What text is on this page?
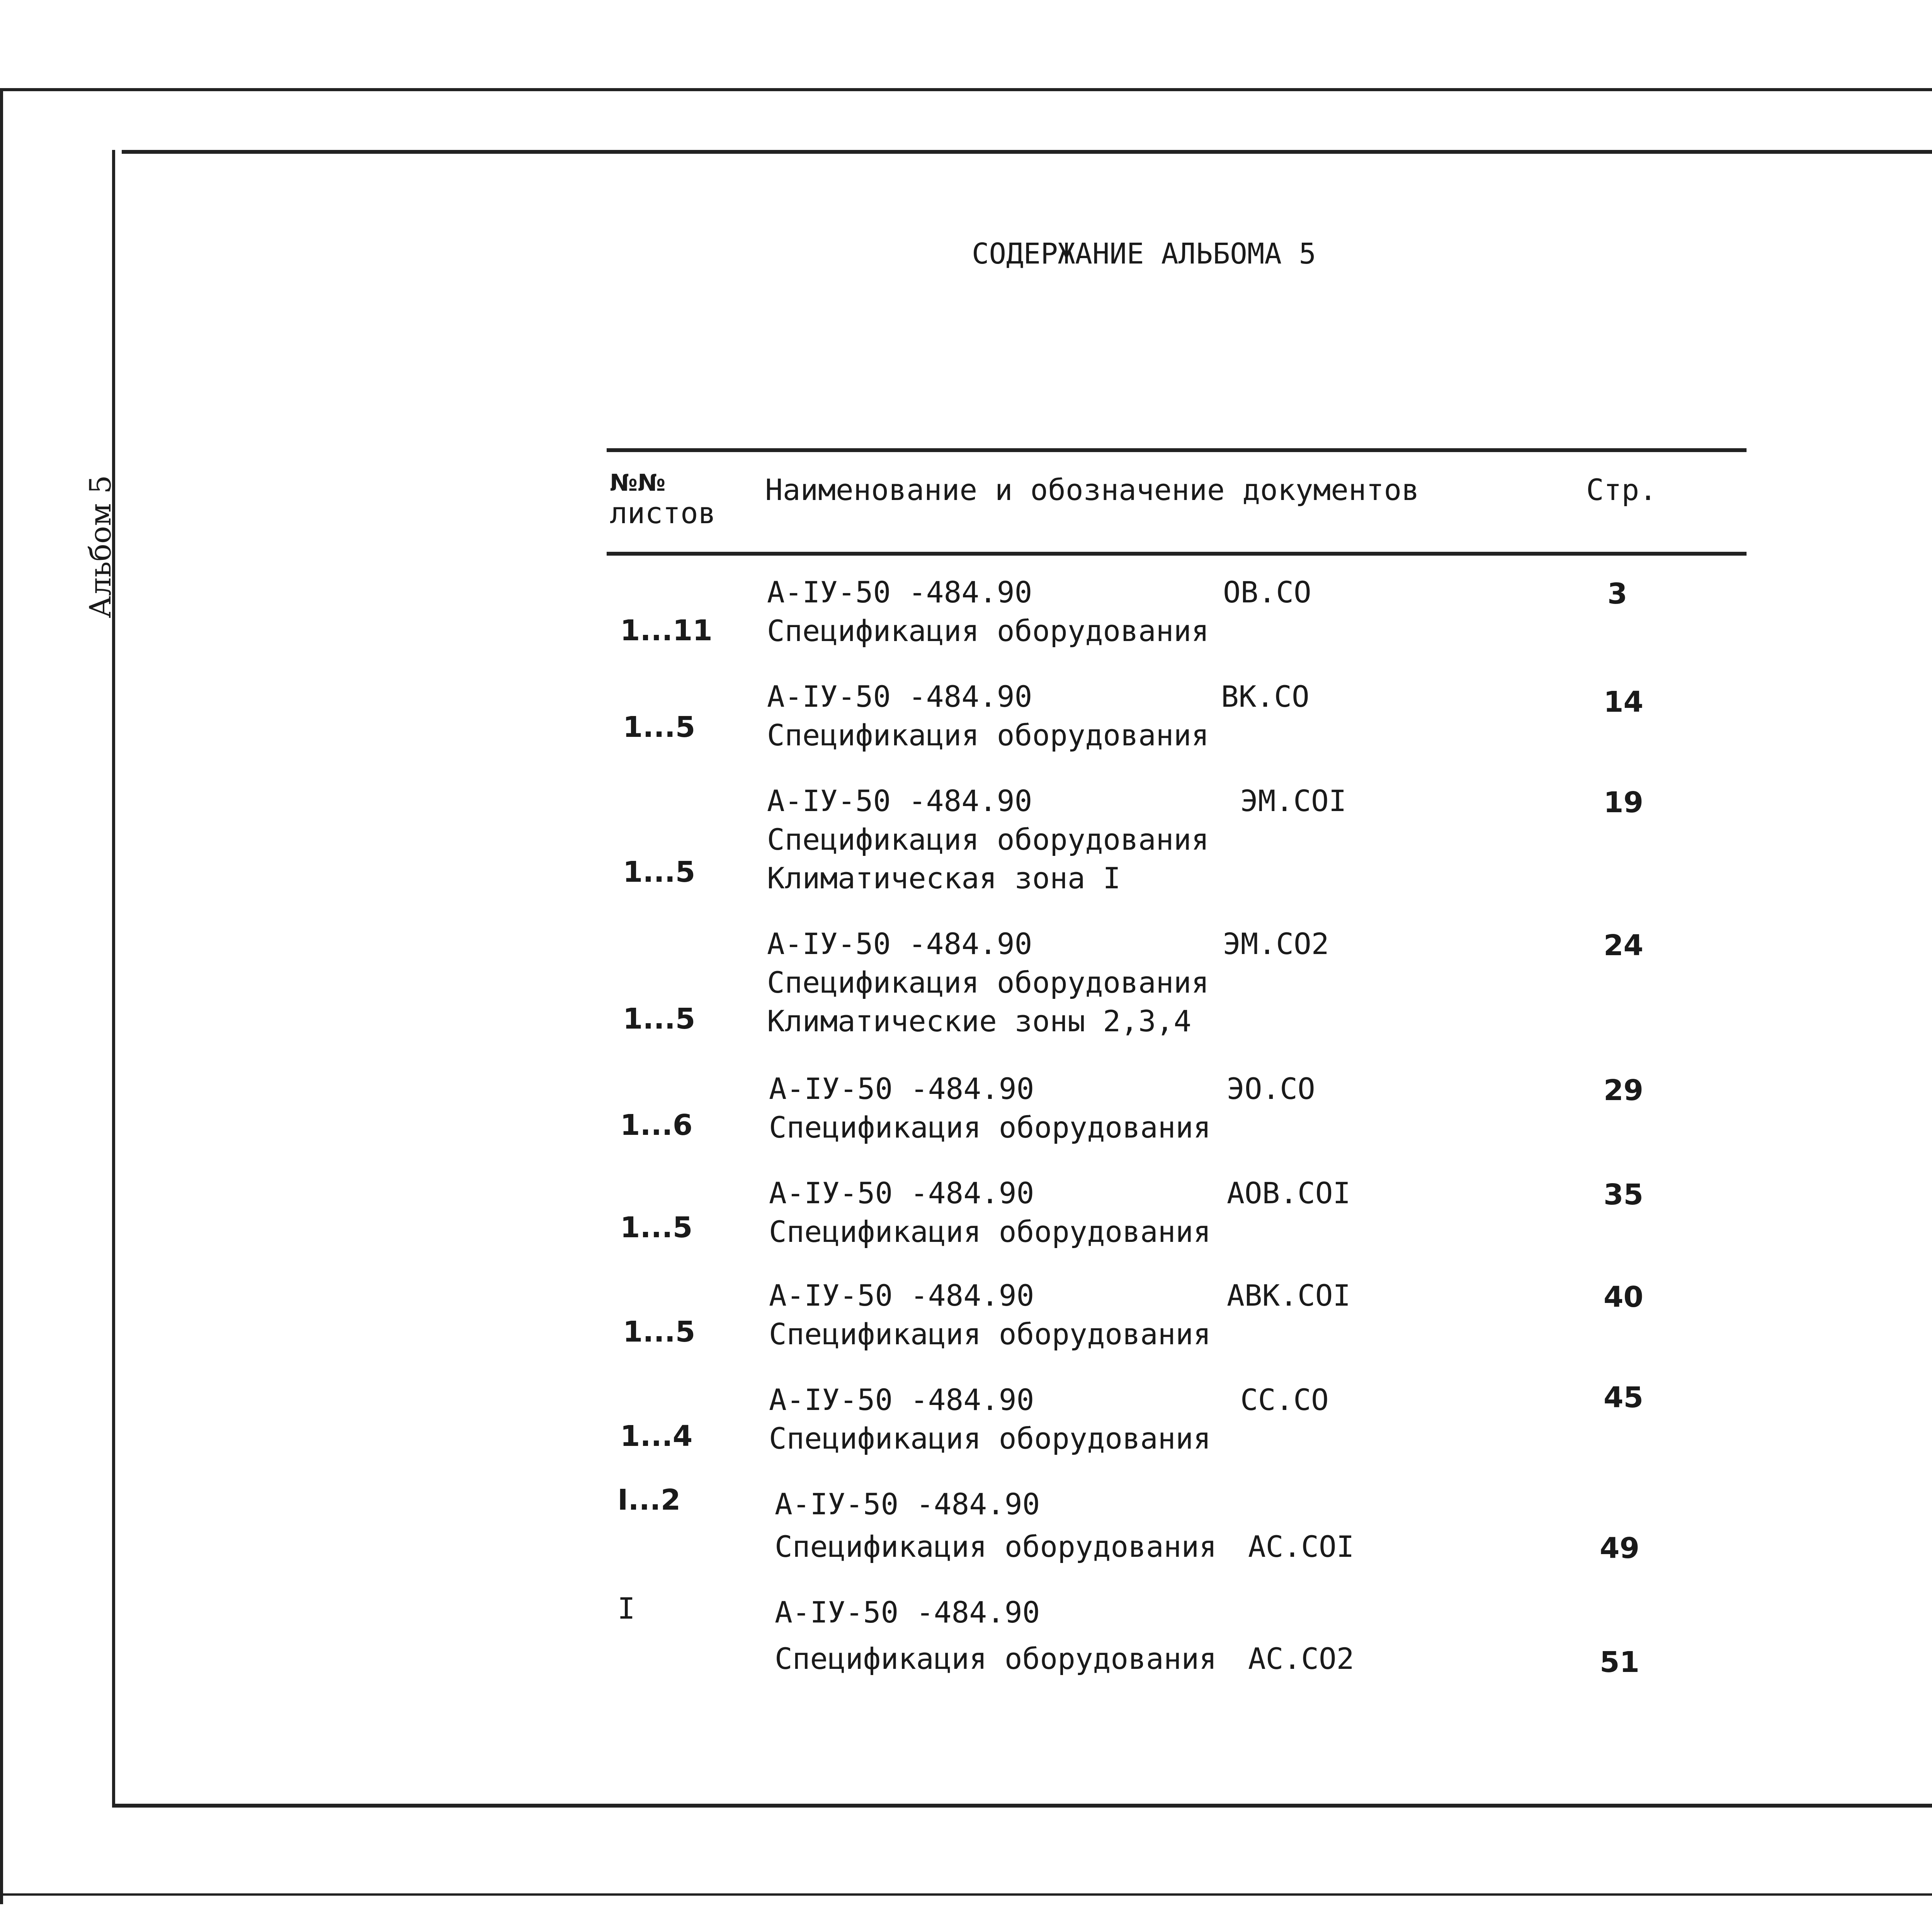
Альбом 5
СОДЕРЖАНИЕ АЛЬБОМА 5
№№
листов
Наименование и обозначение документов	Стр.
1...11
А-IУ-50 -484.90
Спецификация оборудования
ОВ.СО	3
1...5
А-IУ-50 -484.90
Спецификация оборудования
ВК.СО	14
1...5
А-IУ-50 -484.90
Спецификация оборудования
Климатическая зона I
ЭМ.СОI	19
1...5
А-IУ-50 -484.90
Спецификация оборудования
Климатические зоны 2,3,4
ЭМ.СО2	24
1...6
А-IУ-50 -484.90
Спецификация оборудования
ЭО.СО	29
1...5
А-IУ-50 -484.90
Спецификация оборудования
АОВ.СОI	35
1...5
А-IУ-50 -484.90
Спецификация оборудования
АВК.СОI	40
1...4
А-IУ-50 -484.90
Спецификация оборудования
СС.СО	45
I...2	А-IУ-50 -484.90
Спецификация оборудования АС.СОI	49
I	А-IУ-50 -484.90
Спецификация оборудования АС.СО2	51
